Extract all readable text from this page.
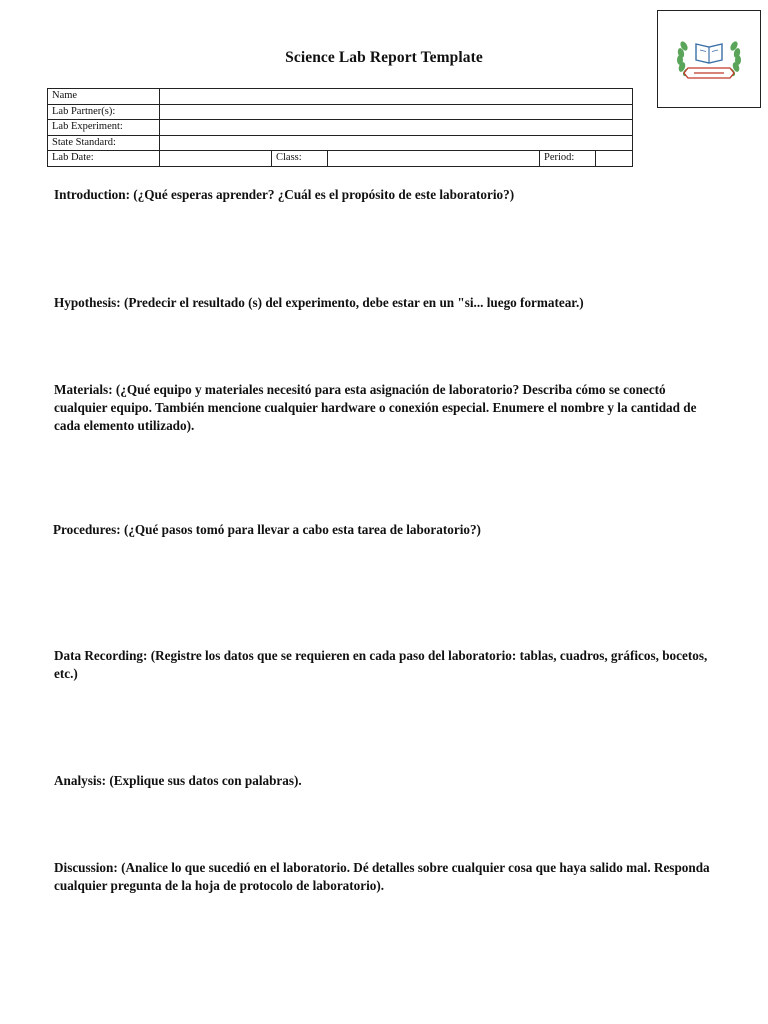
Science Lab Report Template
Name					
Lab Partner(s):					
Lab Experiment:					
State Standard:					
Lab Date:		Class:		Period:	
Introduction: (¿Qué esperas aprender? ¿Cuál es el propósito de este laboratorio?)
Hypothesis: (Predecir el resultado (s) del experimento, debe estar en un "si... luego formatear.)
Materials: (¿Qué equipo y materiales necesitó para esta asignación de laboratorio? Describa cómo se conectó cualquier equipo. También mencione cualquier hardware o conexión especial. Enumere el nombre y la cantidad de cada elemento utilizado).
Procedures: (¿Qué pasos tomó para llevar a cabo esta tarea de laboratorio?)
Data Recording: (Registre los datos que se requieren en cada paso del laboratorio: tablas, cuadros, gráficos, bocetos, etc.)
Analysis: (Explique sus datos con palabras).
Discussion: (Analice lo que sucedió en el laboratorio. Dé detalles sobre cualquier cosa que haya salido mal. Responda cualquier pregunta de la hoja de protocolo de laboratorio).
